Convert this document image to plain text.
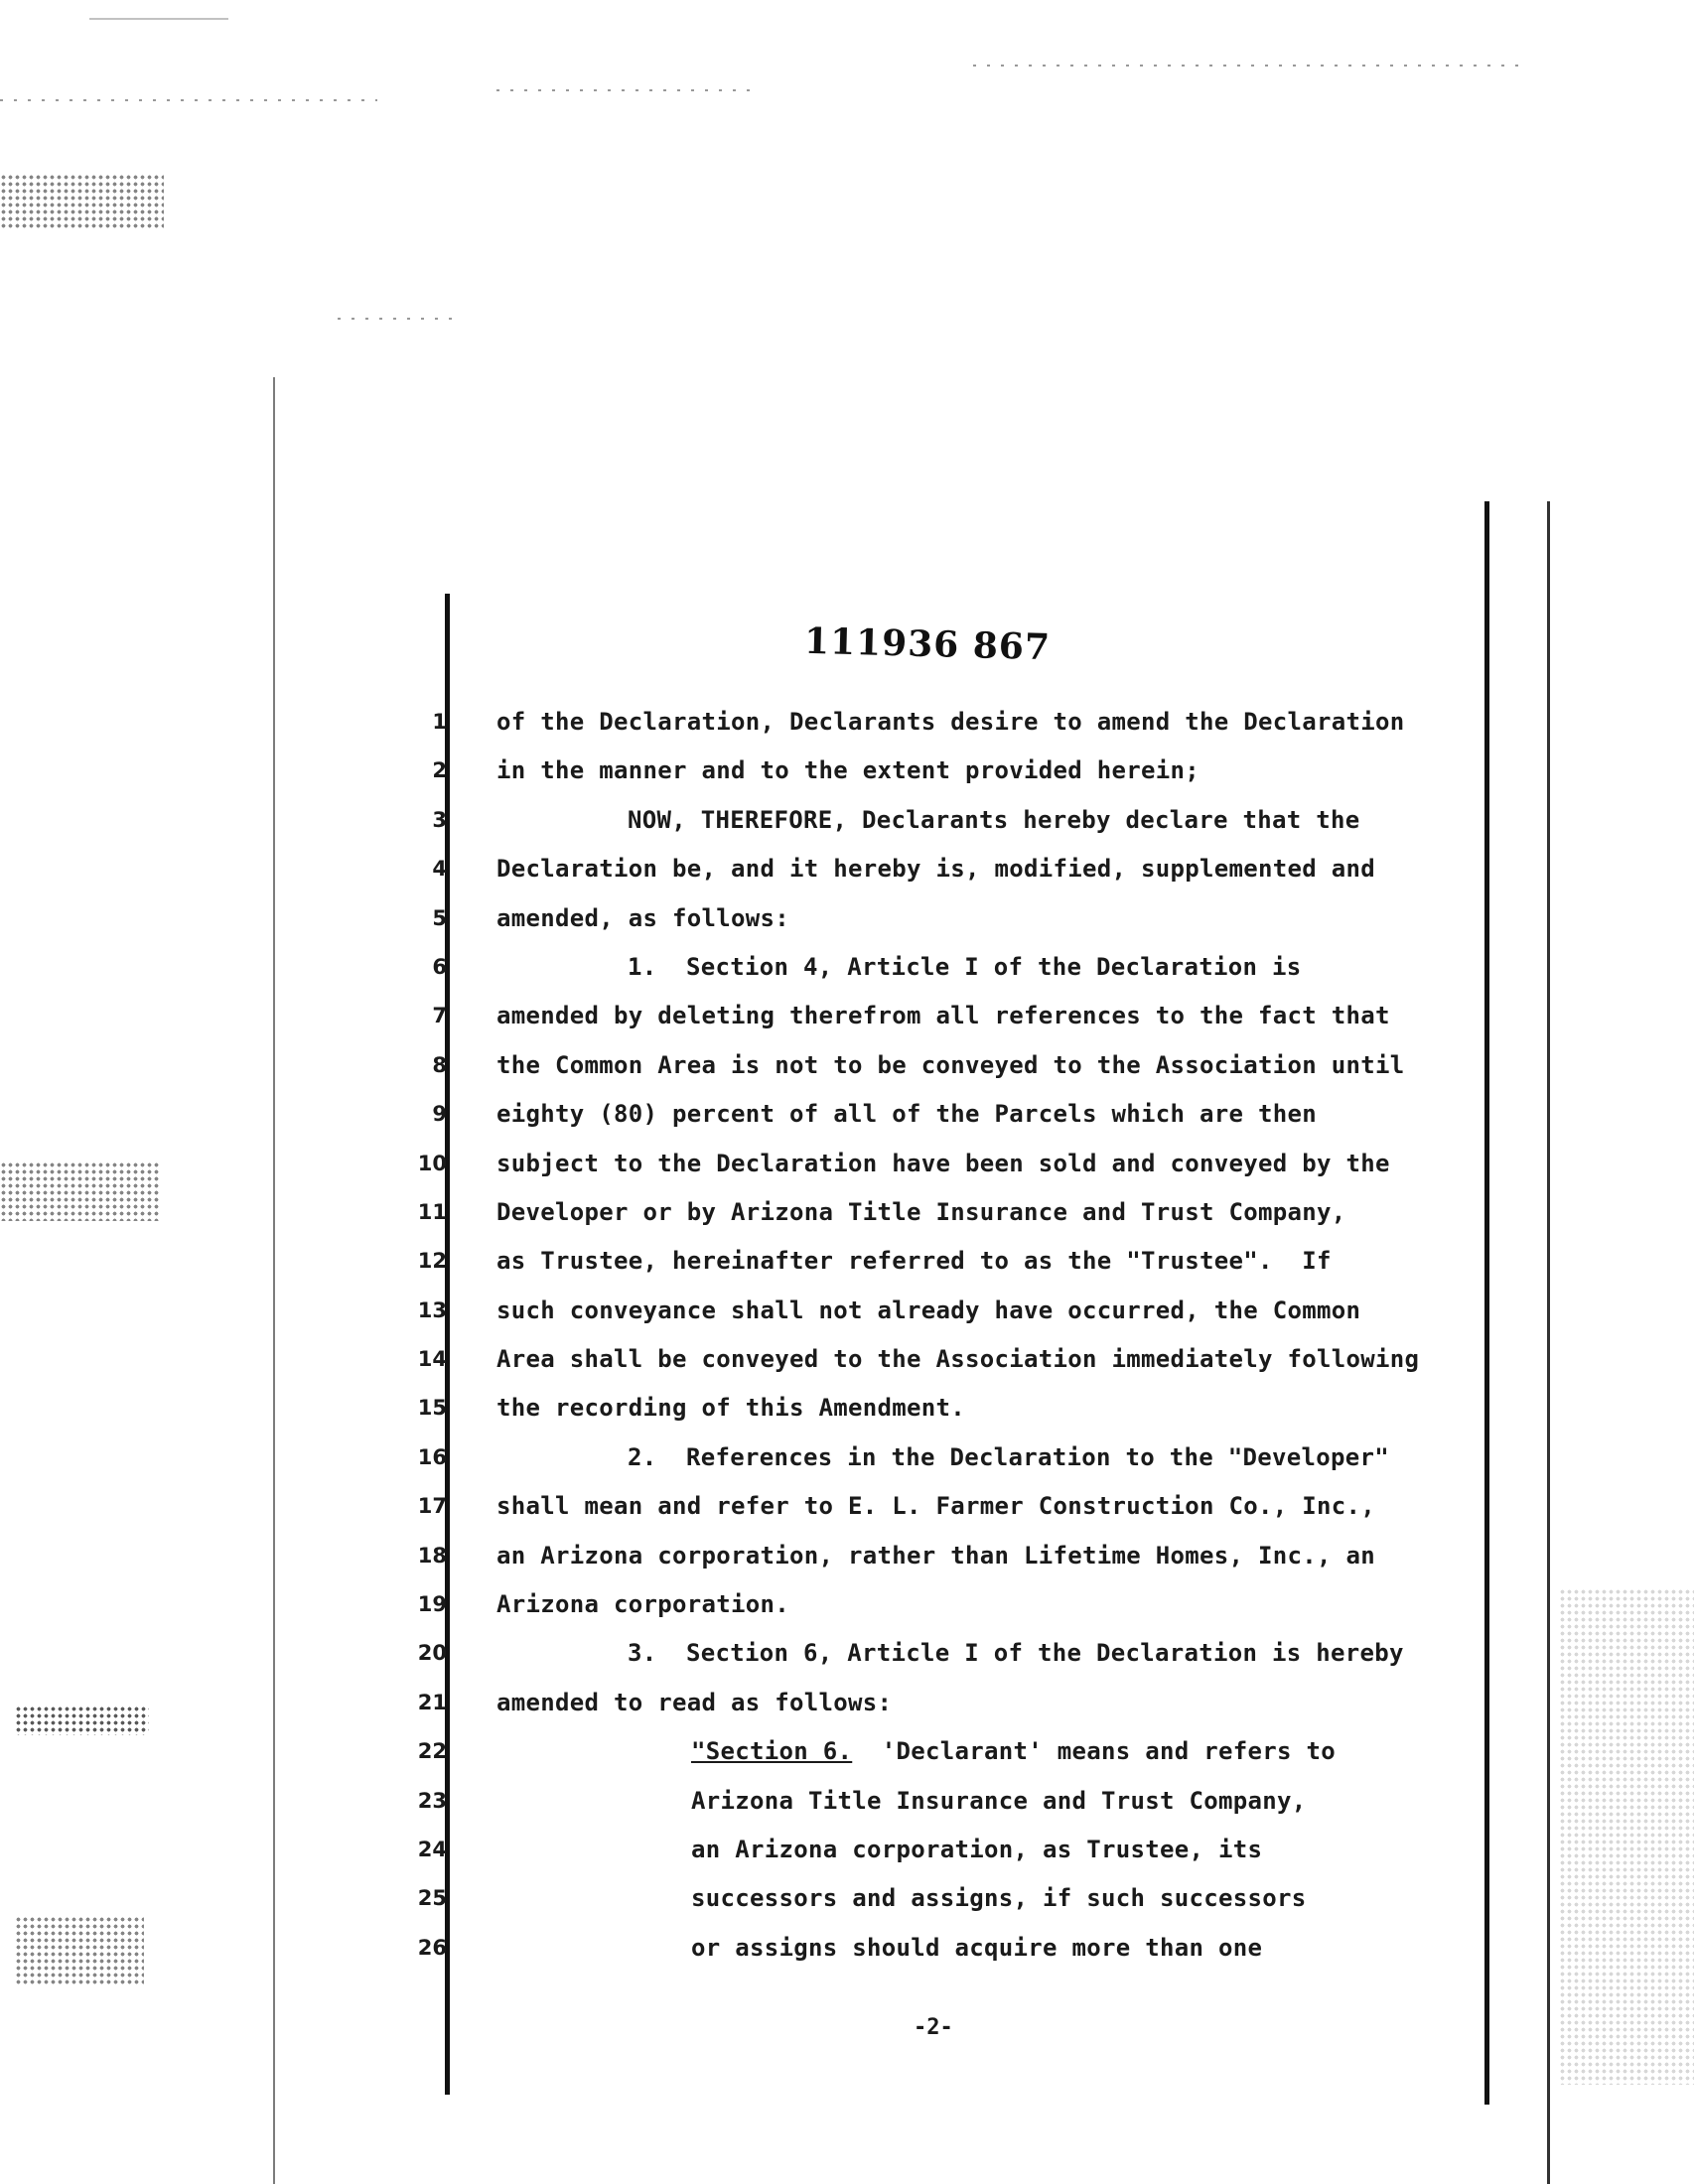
111936 867
1
2
3
4
5
6
7
8
9
10
11
12
13
14
15
16
17
18
19
20
21
22
23
24
25
26
of the Declaration, Declarants desire to amend the Declaration
in the manner and to the extent provided herein;
NOW, THEREFORE, Declarants hereby declare that the
Declaration be, and it hereby is, modified, supplemented and
amended, as follows:
1.  Section 4, Article I of the Declaration is
amended by deleting therefrom all references to the fact that
the Common Area is not to be conveyed to the Association until
eighty (80) percent of all of the Parcels which are then
subject to the Declaration have been sold and conveyed by the
Developer or by Arizona Title Insurance and Trust Company,
as Trustee, hereinafter referred to as the "Trustee".  If
such conveyance shall not already have occurred, the Common
Area shall be conveyed to the Association immediately following
the recording of this Amendment.
2.  References in the Declaration to the "Developer"
shall mean and refer to E. L. Farmer Construction Co., Inc.,
an Arizona corporation, rather than Lifetime Homes, Inc., an
Arizona corporation.
3.  Section 6, Article I of the Declaration is hereby
amended to read as follows:
"Section 6. 'Declarant' means and refers to
Arizona Title Insurance and Trust Company,
an Arizona corporation, as Trustee, its
successors and assigns, if such successors
or assigns should acquire more than one
-2-
